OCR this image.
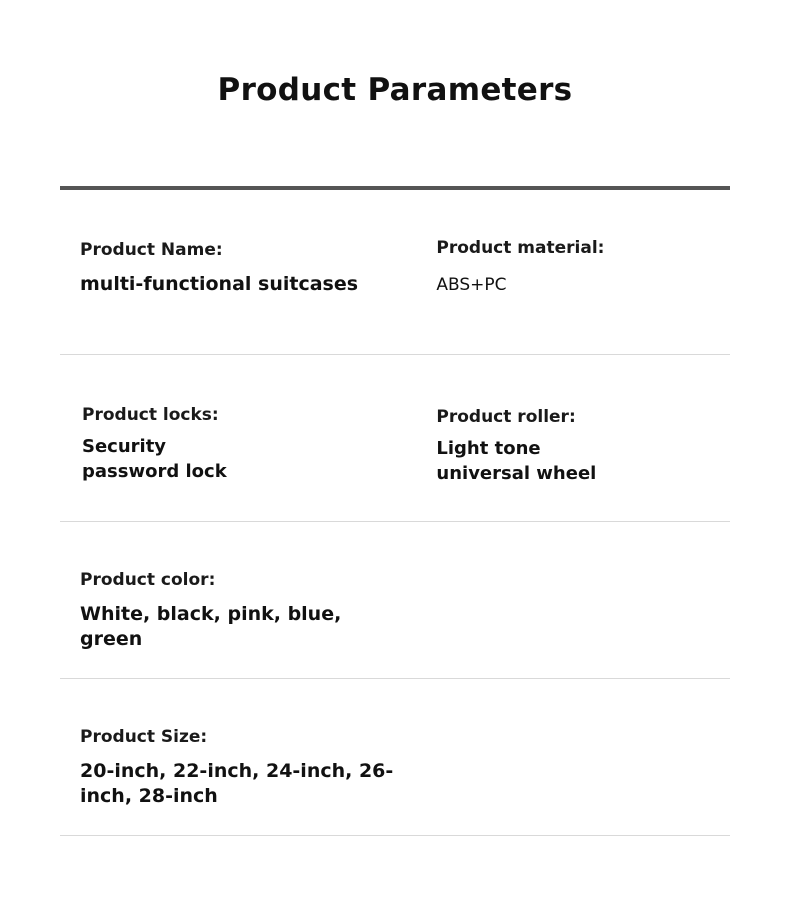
Product Parameters
Product Name:
multi-functional suitcases
Product material:
ABS+PC
Product locks:
Security
password lock
Product roller:
Light tone
universal wheel
Product color:
White, black, pink, blue, green
Product Size:
20-inch, 22-inch, 24-inch, 26-inch, 28-inch
